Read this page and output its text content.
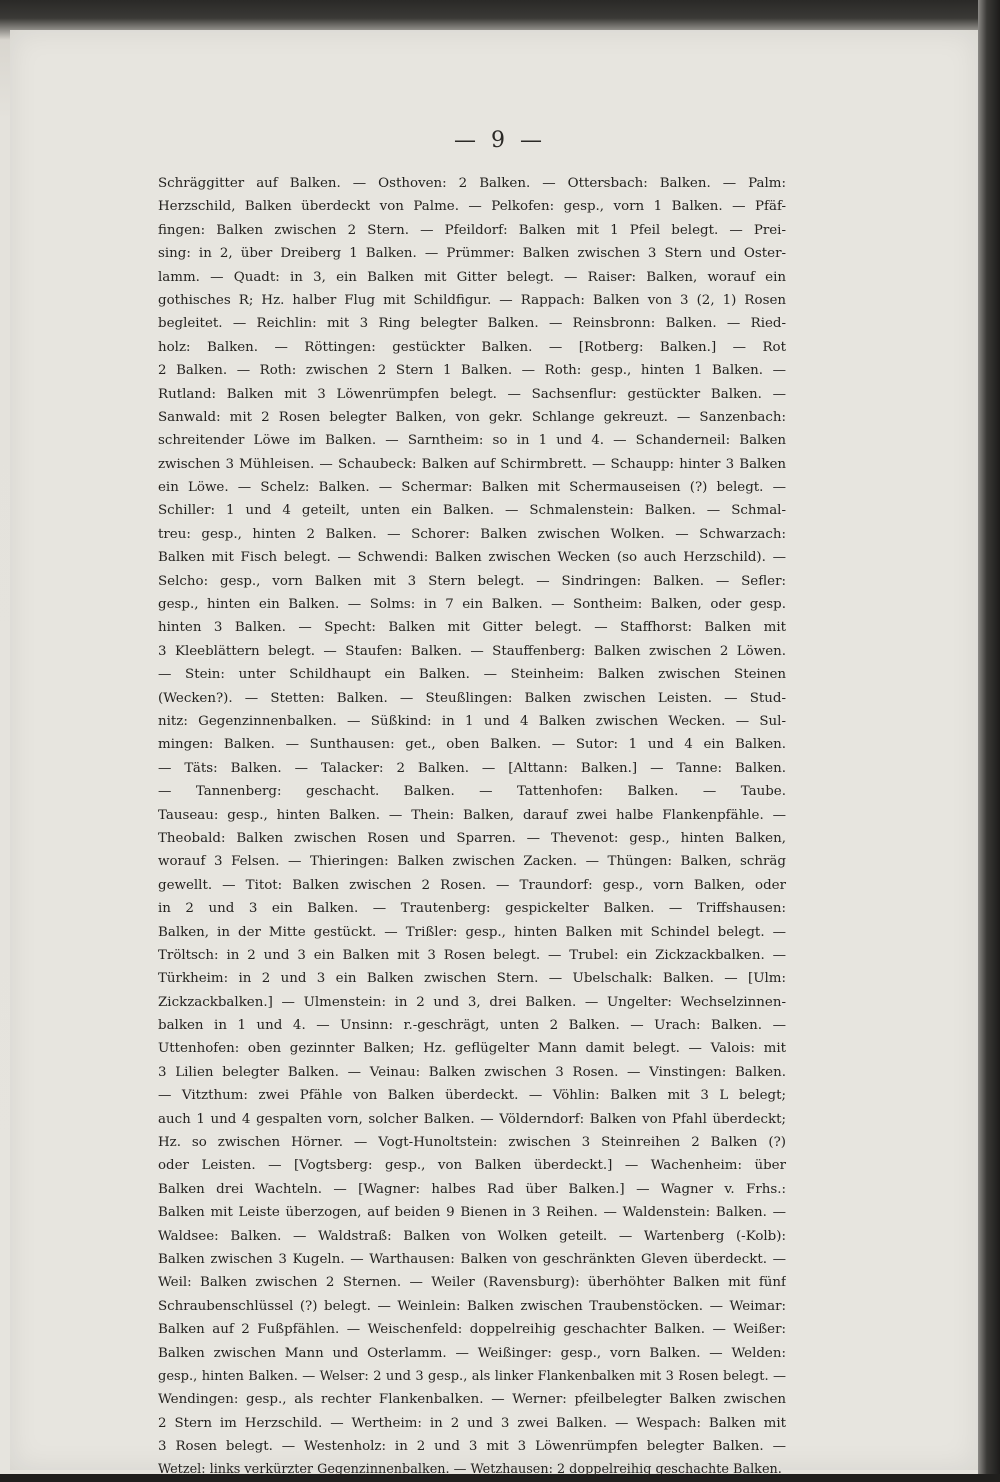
— 9 —
Schräggitter auf Balken. — Osthoven: 2 Balken. — Ottersbach: Balken. — Palm:
Herzschild, Balken überdeckt von Palme. — Pelkofen: gesp., vorn 1 Balken. — Pfäf-
fingen: Balken zwischen 2 Stern. — Pfeildorf: Balken mit 1 Pfeil belegt. — Prei-
sing: in 2, über Dreiberg 1 Balken. — Prümmer: Balken zwischen 3 Stern und Oster-
lamm. — Quadt: in 3, ein Balken mit Gitter belegt. — Raiser: Balken, worauf ein
gothisches R; Hz. halber Flug mit Schildfigur. — Rappach: Balken von 3 (2, 1) Rosen
begleitet. — Reichlin: mit 3 Ring belegter Balken. — Reinsbronn: Balken. — Ried-
holz: Balken. — Röttingen: gestückter Balken. — [Rotberg: Balken.] — Rot
2 Balken. — Roth: zwischen 2 Stern 1 Balken. — Roth: gesp., hinten 1 Balken. —
Rutland: Balken mit 3 Löwenrümpfen belegt. — Sachsenflur: gestückter Balken. —
Sanwald: mit 2 Rosen belegter Balken, von gekr. Schlange gekreuzt. — Sanzenbach:
schreitender Löwe im Balken. — Sarntheim: so in 1 und 4. — Schanderneil: Balken
zwischen 3 Mühleisen. — Schaubeck: Balken auf Schirmbrett. — Schaupp: hinter 3 Balken
ein Löwe. — Schelz: Balken. — Schermar: Balken mit Schermauseisen (?) belegt. —
Schiller: 1 und 4 geteilt, unten ein Balken. — Schmalenstein: Balken. — Schmal-
treu: gesp., hinten 2 Balken. — Schorer: Balken zwischen Wolken. — Schwarzach:
Balken mit Fisch belegt. — Schwendi: Balken zwischen Wecken (so auch Herzschild). —
Selcho: gesp., vorn Balken mit 3 Stern belegt. — Sindringen: Balken. — Sefler:
gesp., hinten ein Balken. — Solms: in 7 ein Balken. — Sontheim: Balken, oder gesp.
hinten 3 Balken. — Specht: Balken mit Gitter belegt. — Staffhorst: Balken mit
3 Kleeblättern belegt. — Staufen: Balken. — Stauffenberg: Balken zwischen 2 Löwen.
— Stein: unter Schildhaupt ein Balken. — Steinheim: Balken zwischen Steinen
(Wecken?). — Stetten: Balken. — Steußlingen: Balken zwischen Leisten. — Stud-
nitz: Gegenzinnenbalken. — Süßkind: in 1 und 4 Balken zwischen Wecken. — Sul-
mingen: Balken. — Sunthausen: get., oben Balken. — Sutor: 1 und 4 ein Balken.
— Täts: Balken. — Talacker: 2 Balken. — [Alttann: Balken.] — Tanne: Balken.
— Tannenberg: geschacht. Balken. — Tattenhofen: Balken. — Taube.
Tauseau: gesp., hinten Balken. — Thein: Balken, darauf zwei halbe Flankenpfähle. —
Theobald: Balken zwischen Rosen und Sparren. — Thevenot: gesp., hinten Balken,
worauf 3 Felsen. — Thieringen: Balken zwischen Zacken. — Thüngen: Balken, schräg
gewellt. — Titot: Balken zwischen 2 Rosen. — Traundorf: gesp., vorn Balken, oder
in 2 und 3 ein Balken. — Trautenberg: gespickelter Balken. — Triffshausen:
Balken, in der Mitte gestückt. — Trißler: gesp., hinten Balken mit Schindel belegt. —
Tröltsch: in 2 und 3 ein Balken mit 3 Rosen belegt. — Trubel: ein Zickzackbalken. —
Türkheim: in 2 und 3 ein Balken zwischen Stern. — Ubelschalk: Balken. — [Ulm:
Zickzackbalken.] — Ulmenstein: in 2 und 3, drei Balken. — Ungelter: Wechselzinnen-
balken in 1 und 4. — Unsinn: r.-geschrägt, unten 2 Balken. — Urach: Balken. —
Uttenhofen: oben gezinnter Balken; Hz. geflügelter Mann damit belegt. — Valois: mit
3 Lilien belegter Balken. — Veinau: Balken zwischen 3 Rosen. — Vinstingen: Balken.
— Vitzthum: zwei Pfähle von Balken überdeckt. — Vöhlin: Balken mit 3 L belegt;
auch 1 und 4 gespalten vorn, solcher Balken. — Völderndorf: Balken von Pfahl überdeckt;
Hz. so zwischen Hörner. — Vogt-Hunoltstein: zwischen 3 Steinreihen 2 Balken (?)
oder Leisten. — [Vogtsberg: gesp., von Balken überdeckt.] — Wachenheim: über
Balken drei Wachteln. — [Wagner: halbes Rad über Balken.] — Wagner v. Frhs.:
Balken mit Leiste überzogen, auf beiden 9 Bienen in 3 Reihen. — Waldenstein: Balken. —
Waldsee: Balken. — Waldstraß: Balken von Wolken geteilt. — Wartenberg (-Kolb):
Balken zwischen 3 Kugeln. — Warthausen: Balken von geschränkten Gleven überdeckt. —
Weil: Balken zwischen 2 Sternen. — Weiler (Ravensburg): überhöhter Balken mit fünf
Schraubenschlüssel (?) belegt. — Weinlein: Balken zwischen Traubenstöcken. — Weimar:
Balken auf 2 Fußpfählen. — Weischenfeld: doppelreihig geschachter Balken. — Weißer:
Balken zwischen Mann und Osterlamm. — Weißinger: gesp., vorn Balken. — Welden:
gesp., hinten Balken. — Welser: 2 und 3 gesp., als linker Flankenbalken mit 3 Rosen belegt. —
Wendingen: gesp., als rechter Flankenbalken. — Werner: pfeilbelegter Balken zwischen
2 Stern im Herzschild. — Wertheim: in 2 und 3 zwei Balken. — Wespach: Balken mit
3 Rosen belegt. — Westenholz: in 2 und 3 mit 3 Löwenrümpfen belegter Balken. —
Wetzel: links verkürzter Gegenzinnenbalken. — Wetzhausen: 2 doppelreihig geschachte Balken.
